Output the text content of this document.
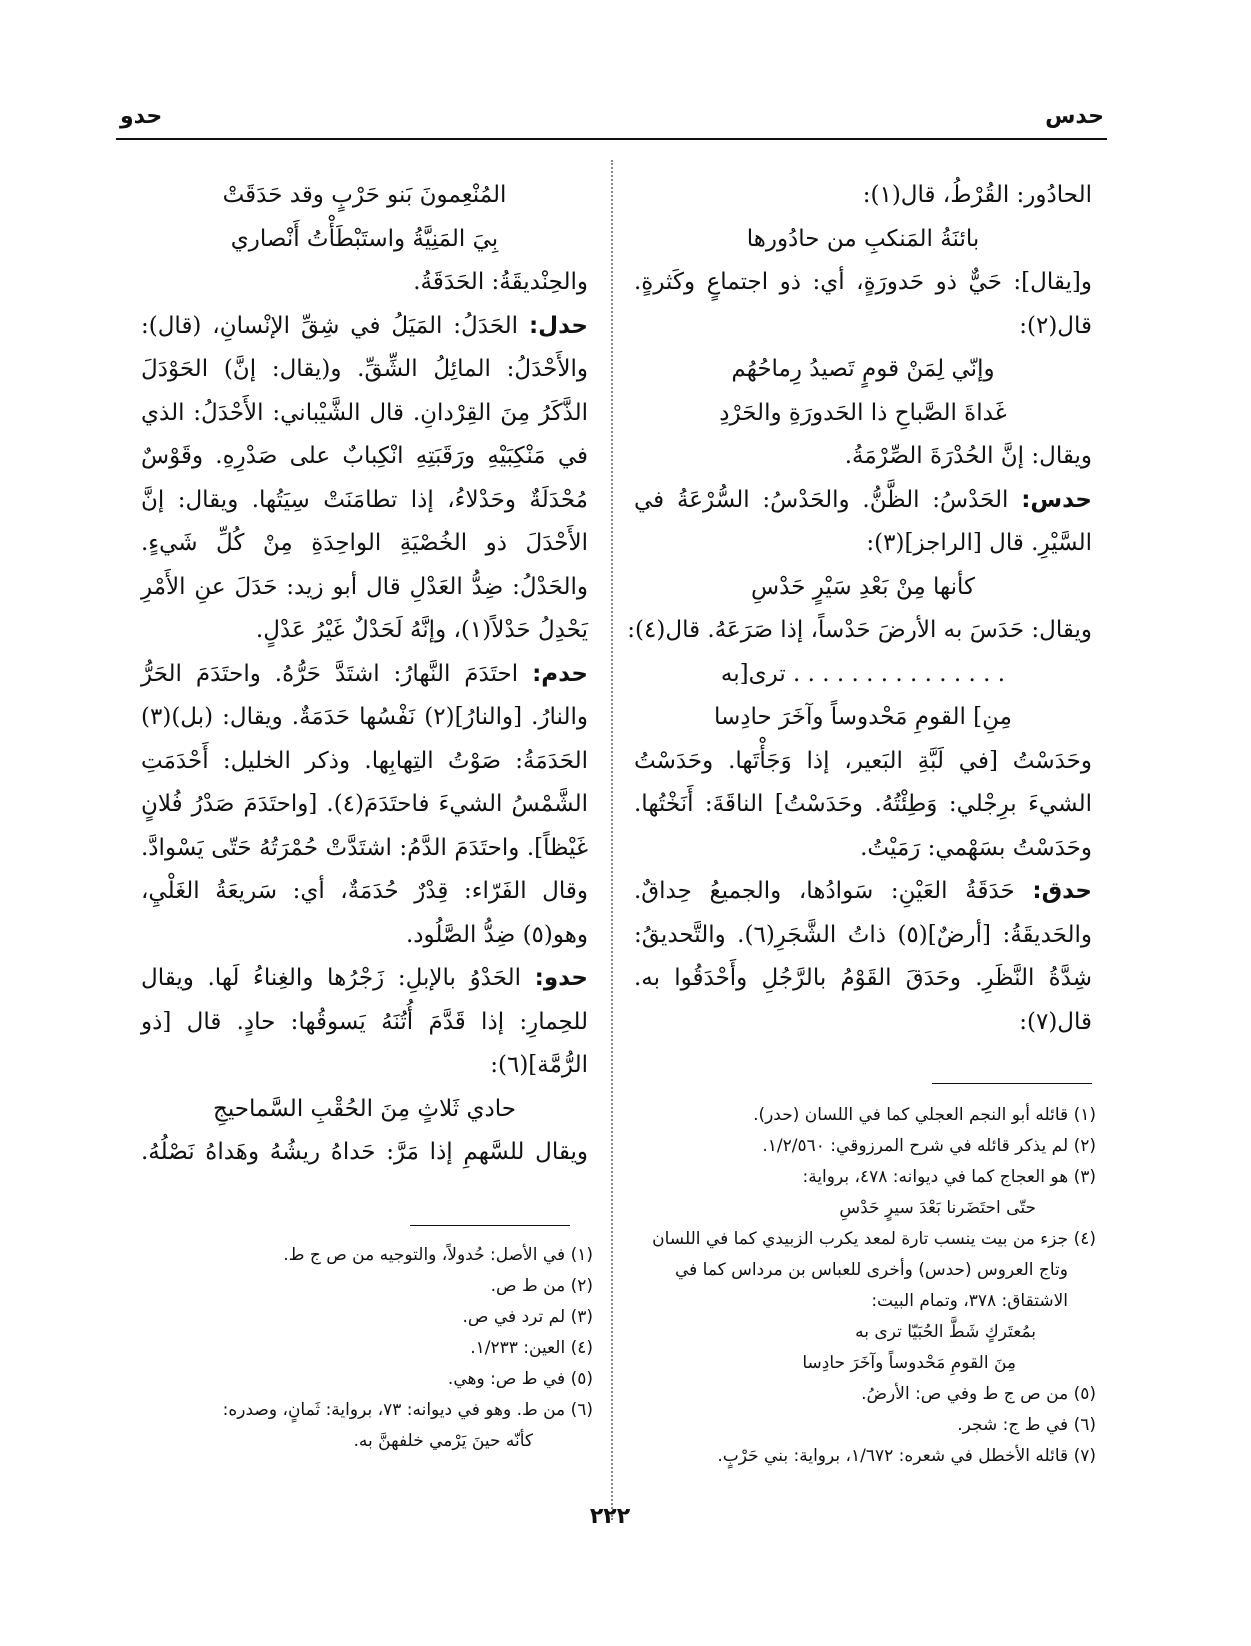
حدس
حدو
الحادُور: القُرْطُ، قال(١):
بائنَةُ المَنكبِ من حادُورها
و[يقال]: حَيٌّ ذو حَدورَةٍ، أي: ذو اجتماعٍ وكَثرةٍ.
قال(٢):
وإنّي لِمَنْ قومٍ تَصيدُ رِماحُهُم
غَداةَ الصَّباحِ ذا الحَدورَةِ والحَرْدِ
ويقال: إنَّ الحُدْرَةَ الصِّرْمَةُ.
حدس: الحَدْسُ: الظَّنُّ. والحَدْسُ: السُّرْعَةُ في
السَّيْرِ. قال [الراجز](٣):
كأنها مِنْ بَعْدِ سَيْرٍ حَدْسِ
ويقال: حَدَسَ به الأرضَ حَدْساً، إذا صَرَعَهُ. قال(٤):
. . . . . . . . . . . . . . . ترى[به
مِنِ] القومِ مَحْدوساً وآخَرَ حادِسا
وحَدَسْتُ [في لَبَّةِ البَعير، إذا وَجَأْتَها. وحَدَسْتُ
الشيءَ برِجْلي: وَطِئْتُهُ. وحَدَسْتُ] الناقَةَ: أَنَخْتُها.
وحَدَسْتُ بسَهْمي: رَمَيْتُ.
حدق: حَدَقَةُ العَيْنِ: سَوادُها، والجميعُ حِداقٌ.
والحَديقَةُ: [أرضٌ](٥) ذاتُ الشَّجَرِ(٦). والتَّحديقُ:
شِدَّةُ النَّظَرِ. وحَدَقَ القَوْمُ بالرَّجُلِ وأَحْدَقُوا به.
قال(٧):
المُنْعِمونَ بَنو حَرْبٍ وقد حَدَقَتْ
بِيَ المَنِيَّةُ واستَبْطَأْتُ أَنْصاري
والحِنْديقَةُ: الحَدَقَةُ.
حدل: الحَدَلُ: المَيَلُ في شِقِّ الإنْسانِ، (قال):
والأَحْدَلُ: المائِلُ الشِّقِّ. و(يقال: إنَّ) الحَوْدَلَ
الذَّكَرُ مِنَ القِرْدانِ. قال الشَّيْباني: الأَحْدَلُ: الذي
في مَنْكِبَيْهِ ورَقَبَتِهِ انْكِبابٌ على صَدْرِهِ. وقَوْسٌ
مُحْدَلَةٌ وحَدْلاءُ، إذا تطامَنَتْ سِيَتُها. ويقال: إنَّ
الأَحْدَلَ ذو الخُصْيَةِ الواحِدَةِ مِنْ كُلِّ شَيءٍ.
والحَدْلُ: ضِدُّ العَدْلِ قال أبو زيد: حَدَلَ عنِ الأَمْرِ
يَحْدِلُ حَدْلاً(١)، وإنَّهُ لَحَدْلٌ غَيْرُ عَدْلٍ.
حدم: احتَدَمَ النَّهارُ: اشتَدَّ حَرُّهُ. واحتَدَمَ الحَرُّ
والنارُ. [والنارُ](٢) نَفْسُها حَدَمَةٌ. ويقال: (بل)(٣)
الحَدَمَةُ: صَوْتُ التِهابِها. وذكر الخليل: أَحْدَمَتِ
الشَّمْسُ الشيءَ فاحتَدَمَ(٤). [واحتَدَمَ صَدْرُ فُلانٍ
غَيْظاً]. واحتَدَمَ الدَّمُ: اشتَدَّتْ حُمْرَتُهُ حَتّى يَسْوادَّ.
وقال الفَرّاء: قِدْرٌ حُدَمَةٌ، أي: سَريعَةُ الغَلْيِ،
وهو(٥) ضِدُّ الصَّلُود.
حدو: الحَدْوُ بالإبلِ: زَجْرُها والغِناءُ لَها. ويقال
للحِمارِ: إذا قَدَّمَ أُتُنَهُ يَسوقُها: حادٍ. قال [ذو
الرُّمَّة](٦):
حادي ثَلاثٍ مِنَ الحُقْبِ السَّماحيجِ
ويقال للسَّهمِ إذا مَرَّ: حَداهُ ريشُهُ وهَداهُ نَصْلُهُ.
(١) قائله أبو النجم العجلي كما في اللسان (حدر).
(٢) لم يذكر قائله في شرح المرزوقي: ١/٢/٥٦٠.
(٣) هو العجاج كما في ديوانه: ٤٧٨، برواية:
حتّى احتَضَرنا بَعْدَ سيرٍ حَدْسِ
(٤) جزء من بيت ينسب تارة لمعد يكرب الزبيدي كما في اللسان
وتاج العروس (حدس) وأخرى للعباس بن مرداس كما في
الاشتقاق: ٣٧٨، وتمام البيت:
بمُعتَركٍ شَطَّ الحُبَيّا ترى به
مِنَ القومِ مَحْدوساً وآخَرَ حادِسا
(٥) من ص ج ط وفي ص: الأرضُ.
(٦) في ط ج: شجر.
(٧) قائله الأخطل في شعره: ١/٦٧٢، برواية: بني حَرْبٍ.
(١) في الأصل: حُدولاً، والتوجيه من ص ج ط.
(٢) من ط ص.
(٣) لم ترد في ص.
(٤) العين: ١/٢٣٣.
(٥) في ط ص: وهي.
(٦) من ط. وهو في ديوانه: ٧٣، برواية: ثَمانٍ، وصدره:
كأنّه حينَ يَرْمي خلفهنَّ به.
٢٢٢
